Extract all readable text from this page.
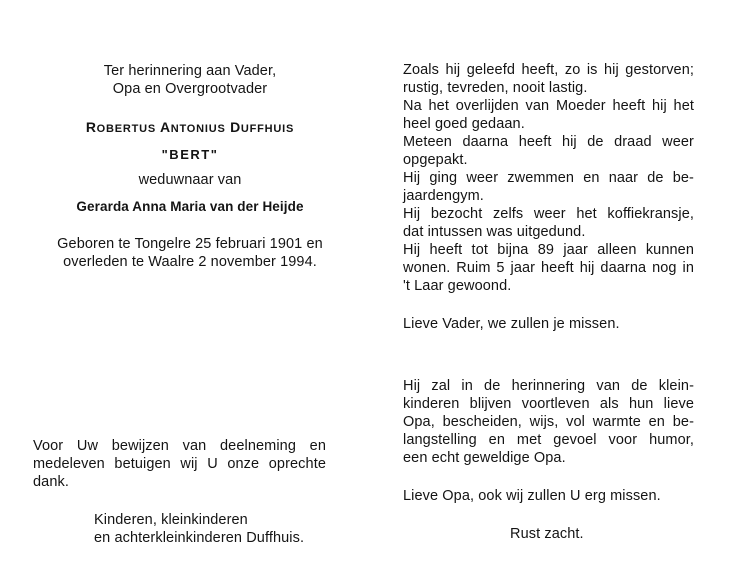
Ter herinnering aan Vader,
Opa en Overgrootvader
ROBERTUS ANTONIUS DUFFHUIS
"BERT"
weduwnaar van
Gerarda Anna Maria van der Heijde
Geboren te Tongelre 25 februari 1901 en
overleden te Waalre 2 november 1994.
Voor Uw bewijzen van deelneming en
medeleven betuigen wij U onze oprechte
dank.
Kinderen, kleinkinderen
en achterkleinkinderen Duffhuis.
Zoals hij geleefd heeft, zo is hij gestorven;
rustig, tevreden, nooit lastig.
Na het overlijden van Moeder heeft hij het
heel goed gedaan.
Meteen daarna heeft hij de draad weer
opgepakt.
Hij ging weer zwemmen en naar de be-
jaardengym.
Hij bezocht zelfs weer het koffiekransje,
dat intussen was uitgedund.
Hij heeft tot bijna 89 jaar alleen kunnen
wonen. Ruim 5 jaar heeft hij daarna nog in
't Laar gewoond.
Lieve Vader, we zullen je missen.
Hij zal in de herinnering van de klein-
kinderen blijven voortleven als hun lieve
Opa, bescheiden, wijs, vol warmte en be-
langstelling en met gevoel voor humor,
een echt geweldige Opa.
Lieve Opa, ook wij zullen U erg missen.
Rust zacht.
